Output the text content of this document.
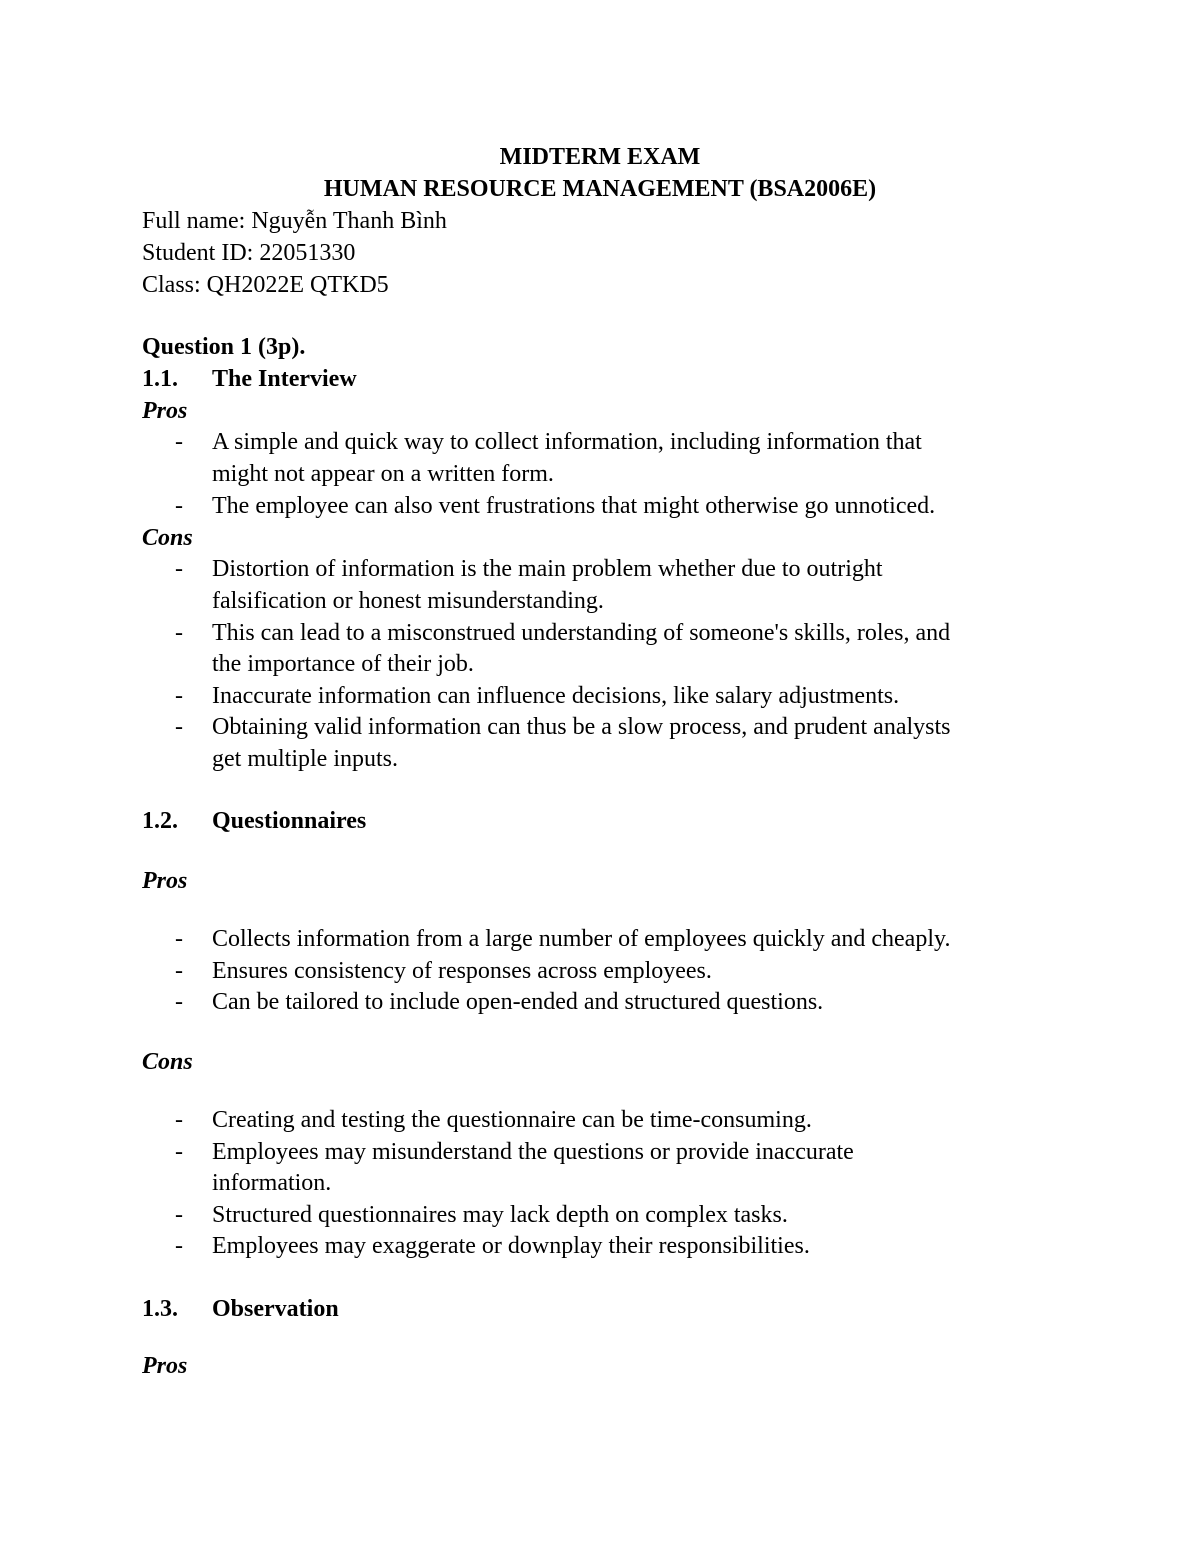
MIDTERM EXAM
HUMAN RESOURCE MANAGEMENT (BSA2006E)
Full name: Nguyễn Thanh Bình
Student ID: 22051330
Class: QH2022E QTKD5
Question 1 (3p).
1.1. The Interview
Pros
- A simple and quick way to collect information, including information that
might not appear on a written form.
- The employee can also vent frustrations that might otherwise go unnoticed.
Cons
- Distortion of information is the main problem whether due to outright
falsification or honest misunderstanding.
- This can lead to a misconstrued understanding of someone's skills, roles, and
the importance of their job.
- Inaccurate information can influence decisions, like salary adjustments.
- Obtaining valid information can thus be a slow process, and prudent analysts
get multiple inputs.
1.2. Questionnaires
Pros
- Collects information from a large number of employees quickly and cheaply.
- Ensures consistency of responses across employees.
- Can be tailored to include open-ended and structured questions.
Cons
- Creating and testing the questionnaire can be time-consuming.
- Employees may misunderstand the questions or provide inaccurate
information.
- Structured questionnaires may lack depth on complex tasks.
- Employees may exaggerate or downplay their responsibilities.
1.3. Observation
Pros
